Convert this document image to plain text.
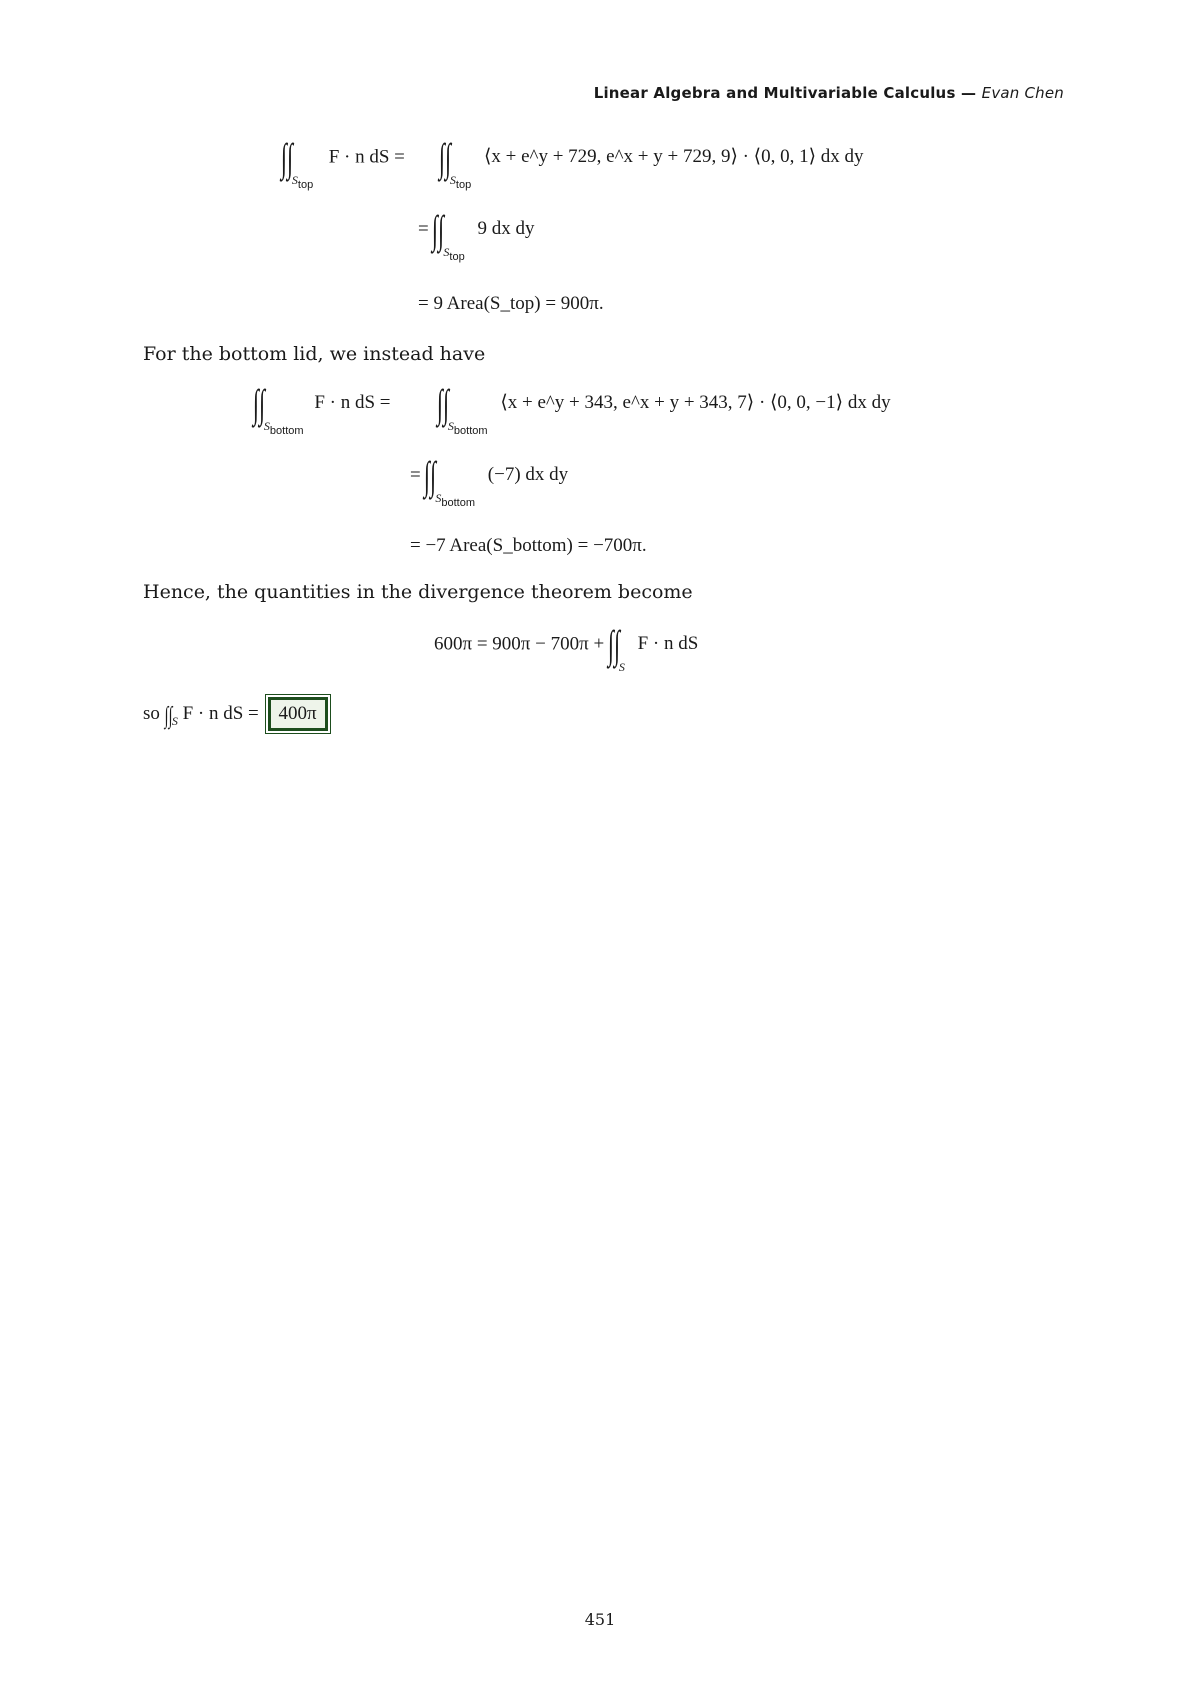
Linear Algebra and Multivariable Calculus — Evan Chen
$\int\int_{Stop}$  F · n dS = $\int\int_{Stop}$ ⟨x + e^y + 729, e^x + y + 729, 9⟩ · ⟨0, 0, 1⟩ dx dy
= $\int\int_{Stop}$ 9 dx dy
= 9 Area(S_top) = 900π.
For the bottom lid, we instead have
$\int\int_{Sbottom}$ F · n dS = $\int\int_{Sbottom}$ ⟨x + e^y + 343, e^x + y + 343, 7⟩ · ⟨0, 0, −1⟩ dx dy
= $\int\int_{Sbottom}$ (−7) dx dy
= −7 Area(S_bottom) = −700π.
Hence, the quantities in the divergence theorem become
$600\pi = 900\pi - 700\pi + \int\int_S$ F · n dS
so $\int\int_S$ F · n dS = 400π
451
